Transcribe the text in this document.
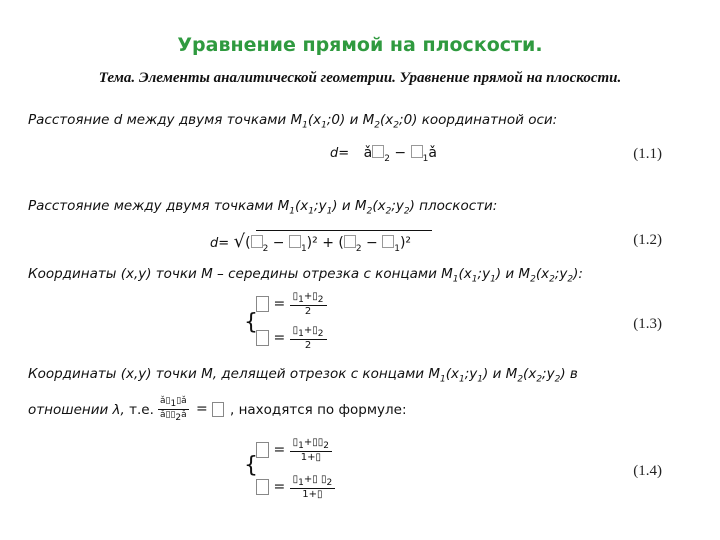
Уравнение прямой на плоскости.
Тема. Элементы аналитической геометрии. Уравнение прямой на плоскости.
Расстояние d между двумя точками $M_1(x_1;0)$ и $M_2(x_2;0)$ координатной оси:
d= ǎ $_2$ − $_1$ǎ	(1.1)
Расстояние между двумя точками $M_1(x_1;y_1)$ и $M_2(x_2;y_2)$ плоскости:
d= √( $_2$ − $_1$)² + ( $_2$ − $_1$)²	(1.2)
Координаты (x,y) точки M – середины отрезка с концами $M_1(x_1;y_1)$ и $M_2(x_2;y_2)$:
{
= $\frac{▯_1+▯_2}{2}$
= $\frac{▯_1+▯_2}{2}$
(1.3)
Координаты (x,y) точки M, делящей отрезок с концами $M_1(x_1;y_1)$ и $M_2(x_2;y_2)$ в
отношении λ, т.е.
$ǎ▯_1▯ǎ$
$ǎ▯▯_2ǎ$ =	, находятся по формуле:
{
= $\frac{▯_1+▯▯_2}{1+▯}$
= $\frac{▯_1+▯ ▯_2}{1+▯}$
(1.4)
